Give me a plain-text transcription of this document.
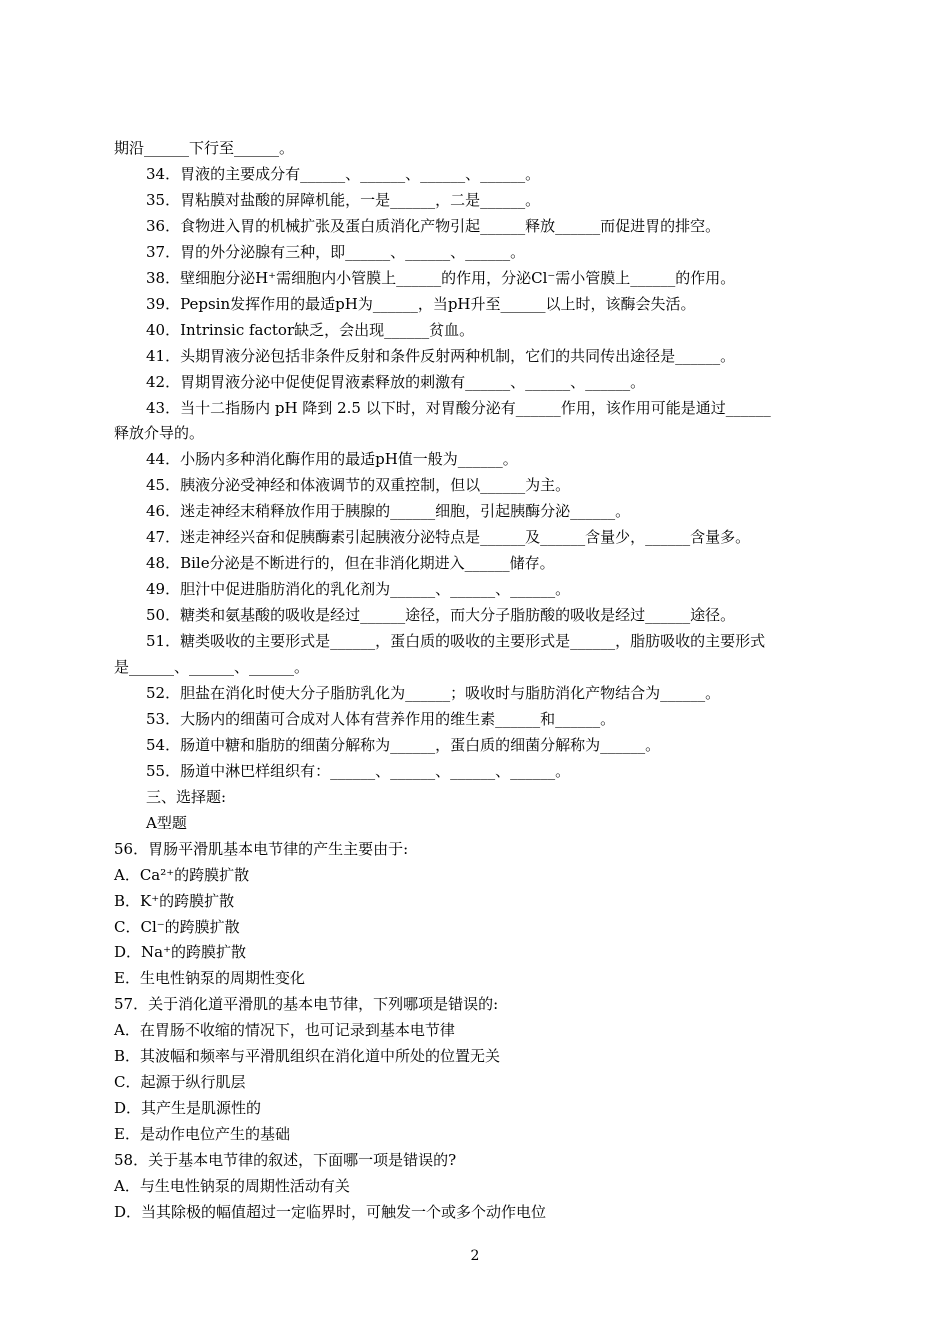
期沿______下行至______。
34．胃液的主要成分有______、______、______、______。
35．胃粘膜对盐酸的屏障机能，一是______，二是______。
36．食物进入胃的机械扩张及蛋白质消化产物引起______释放______而促进胃的排空。
37．胃的外分泌腺有三种，即______、______、______。
38．壁细胞分泌H⁺需细胞内小管膜上______的作用，分泌Cl⁻需小管膜上______的作用。
39．Pepsin发挥作用的最适pH为______，当pH升至______以上时，该酶会失活。
40．Intrinsic factor缺乏，会出现______贫血。
41．头期胃液分泌包括非条件反射和条件反射两种机制，它们的共同传出途径是______。
42．胃期胃液分泌中促使促胃液素释放的刺激有______、______、______。
43．当十二指肠内 pH 降到 2.5 以下时，对胃酸分泌有______作用，该作用可能是通过______
释放介导的。
44．小肠内多种消化酶作用的最适pH值一般为______。
45．胰液分泌受神经和体液调节的双重控制，但以______为主。
46．迷走神经末稍释放作用于胰腺的______细胞，引起胰酶分泌______。
47．迷走神经兴奋和促胰酶素引起胰液分泌特点是______及______含量少，______含量多。
48．Bile分泌是不断进行的，但在非消化期进入______储存。
49．胆汁中促进脂肪消化的乳化剂为______、______、______。
50．糖类和氨基酸的吸收是经过______途径，而大分子脂肪酸的吸收是经过______途径。
51．糖类吸收的主要形式是______，蛋白质的吸收的主要形式是______，脂肪吸收的主要形式
是______、______、______。
52．胆盐在消化时使大分子脂肪乳化为______；吸收时与脂肪消化产物结合为______。
53．大肠内的细菌可合成对人体有营养作用的维生素______和______。
54．肠道中糖和脂肪的细菌分解称为______，蛋白质的细菌分解称为______。
55．肠道中淋巴样组织有：______、______、______、______。
三、选择题:
A型题
56．胃肠平滑肌基本电节律的产生主要由于:
A．Ca²⁺的跨膜扩散
B．K⁺的跨膜扩散
C．Cl⁻的跨膜扩散
D．Na⁺的跨膜扩散
E．生电性钠泵的周期性变化
57．关于消化道平滑肌的基本电节律，下列哪项是错误的:
A．在胃肠不收缩的情况下，也可记录到基本电节律
B．其波幅和频率与平滑肌组织在消化道中所处的位置无关
C．起源于纵行肌层
D．其产生是肌源性的
E．是动作电位产生的基础
58．关于基本电节律的叙述，下面哪一项是错误的?
A．与生电性钠泵的周期性活动有关
D．当其除极的幅值超过一定临界时，可触发一个或多个动作电位
2
